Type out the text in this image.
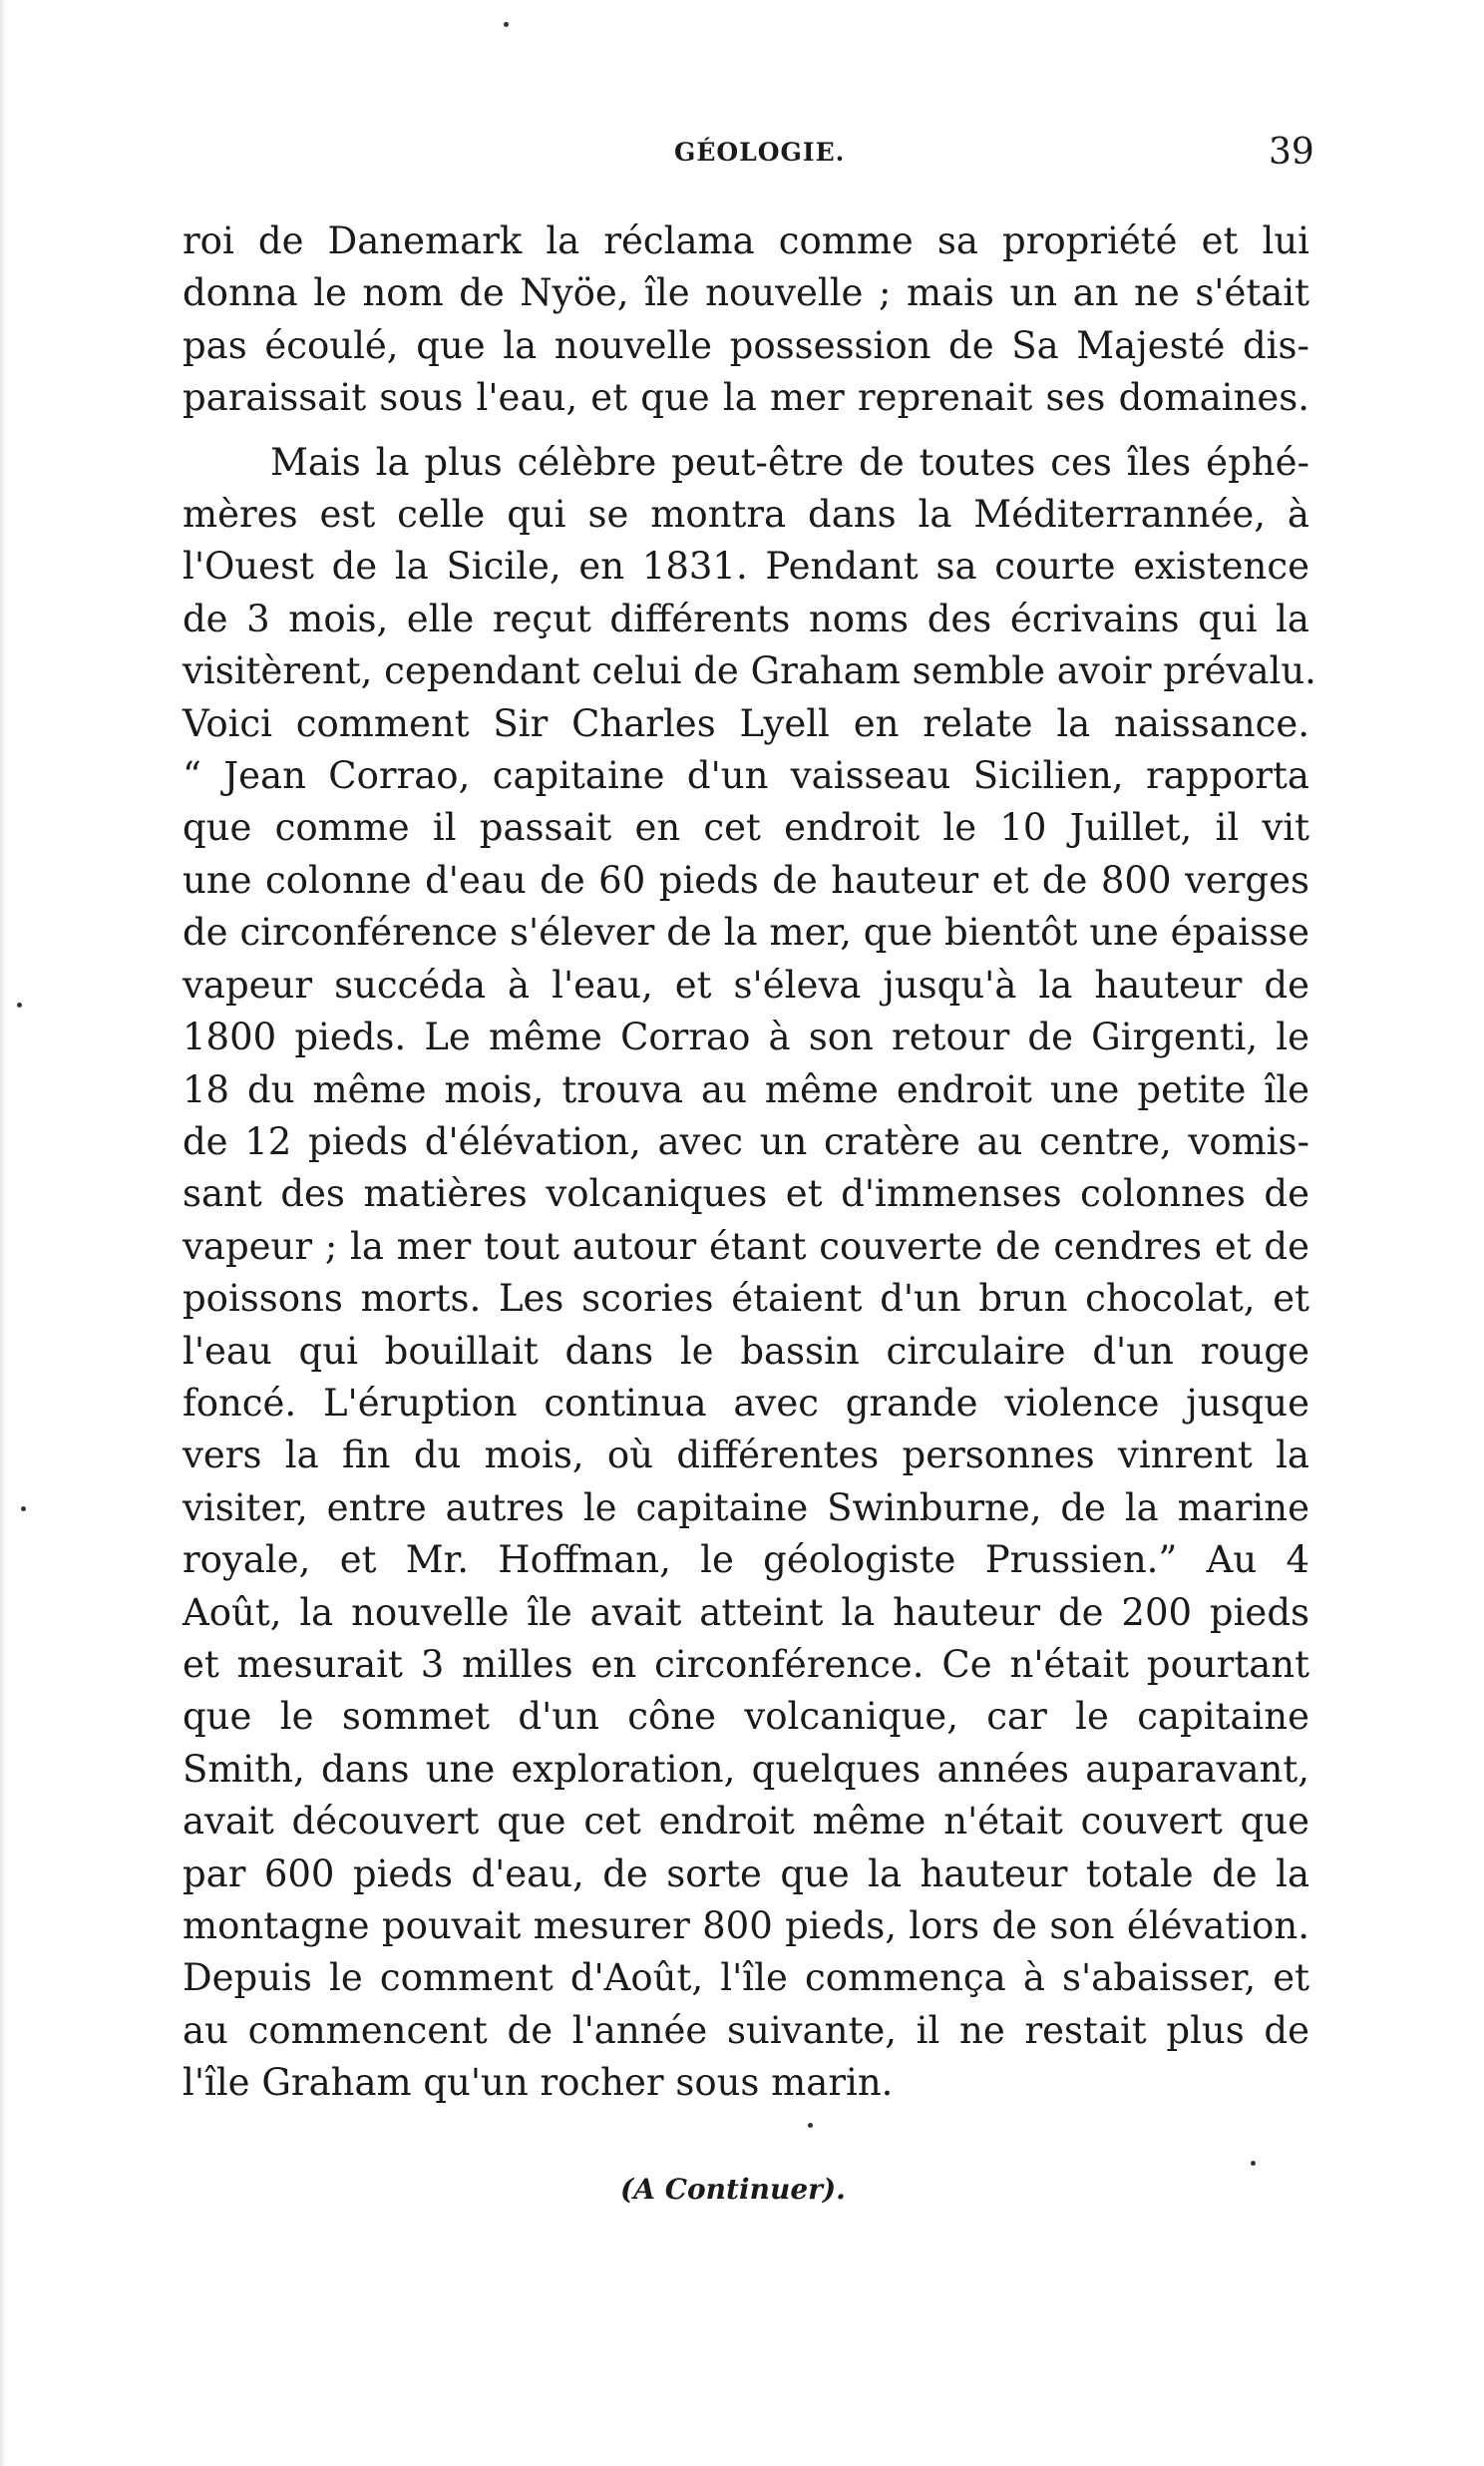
GÉOLOGIE.	39

roi de Danemark la réclama comme sa propriété et lui
donna le nom de Nyöe, île nouvelle ; mais un an ne s'était
pas écoulé, que la nouvelle possession de Sa Majesté dis-
paraissait sous l'eau, et que la mer reprenait ses domaines.

Mais la plus célèbre peut-être de toutes ces îles éphé-
mères est celle qui se montra dans la Méditerrannée, à
l'Ouest de la Sicile, en 1831. Pendant sa courte existence
de 3 mois, elle reçut différents noms des écrivains qui la
visitèrent, cependant celui de Graham semble avoir prévalu.
Voici comment Sir Charles Lyell en relate la naissance.
“ Jean Corrao, capitaine d'un vaisseau Sicilien, rapporta
que comme il passait en cet endroit le 10 Juillet, il vit
une colonne d'eau de 60 pieds de hauteur et de 800 verges
de circonférence s'élever de la mer, que bientôt une épaisse
vapeur succéda à l'eau, et s'éleva jusqu'à la hauteur de
1800 pieds. Le même Corrao à son retour de Girgenti, le
18 du même mois, trouva au même endroit une petite île
de 12 pieds d'élévation, avec un cratère au centre, vomis-
sant des matières volcaniques et d'immenses colonnes de
vapeur ; la mer tout autour étant couverte de cendres et de
poissons morts. Les scories étaient d'un brun chocolat, et
l'eau qui bouillait dans le bassin circulaire d'un rouge
foncé. L'éruption continua avec grande violence jusque
vers la fin du mois, où différentes personnes vinrent la
visiter, entre autres le capitaine Swinburne, de la marine
royale, et Mr. Hoffman, le géologiste Prussien.” Au 4
Août, la nouvelle île avait atteint la hauteur de 200 pieds
et mesurait 3 milles en circonférence. Ce n'était pourtant
que le sommet d'un cône volcanique, car le capitaine
Smith, dans une exploration, quelques années auparavant,
avait découvert que cet endroit même n'était couvert que
par 600 pieds d'eau, de sorte que la hauteur totale de la
montagne pouvait mesurer 800 pieds, lors de son élévation.
Depuis le comment d'Août, l'île commença à s'abaisser, et
au commencent de l'année suivante, il ne restait plus de
l'île Graham qu'un rocher sous marin.

(A Continuer).
